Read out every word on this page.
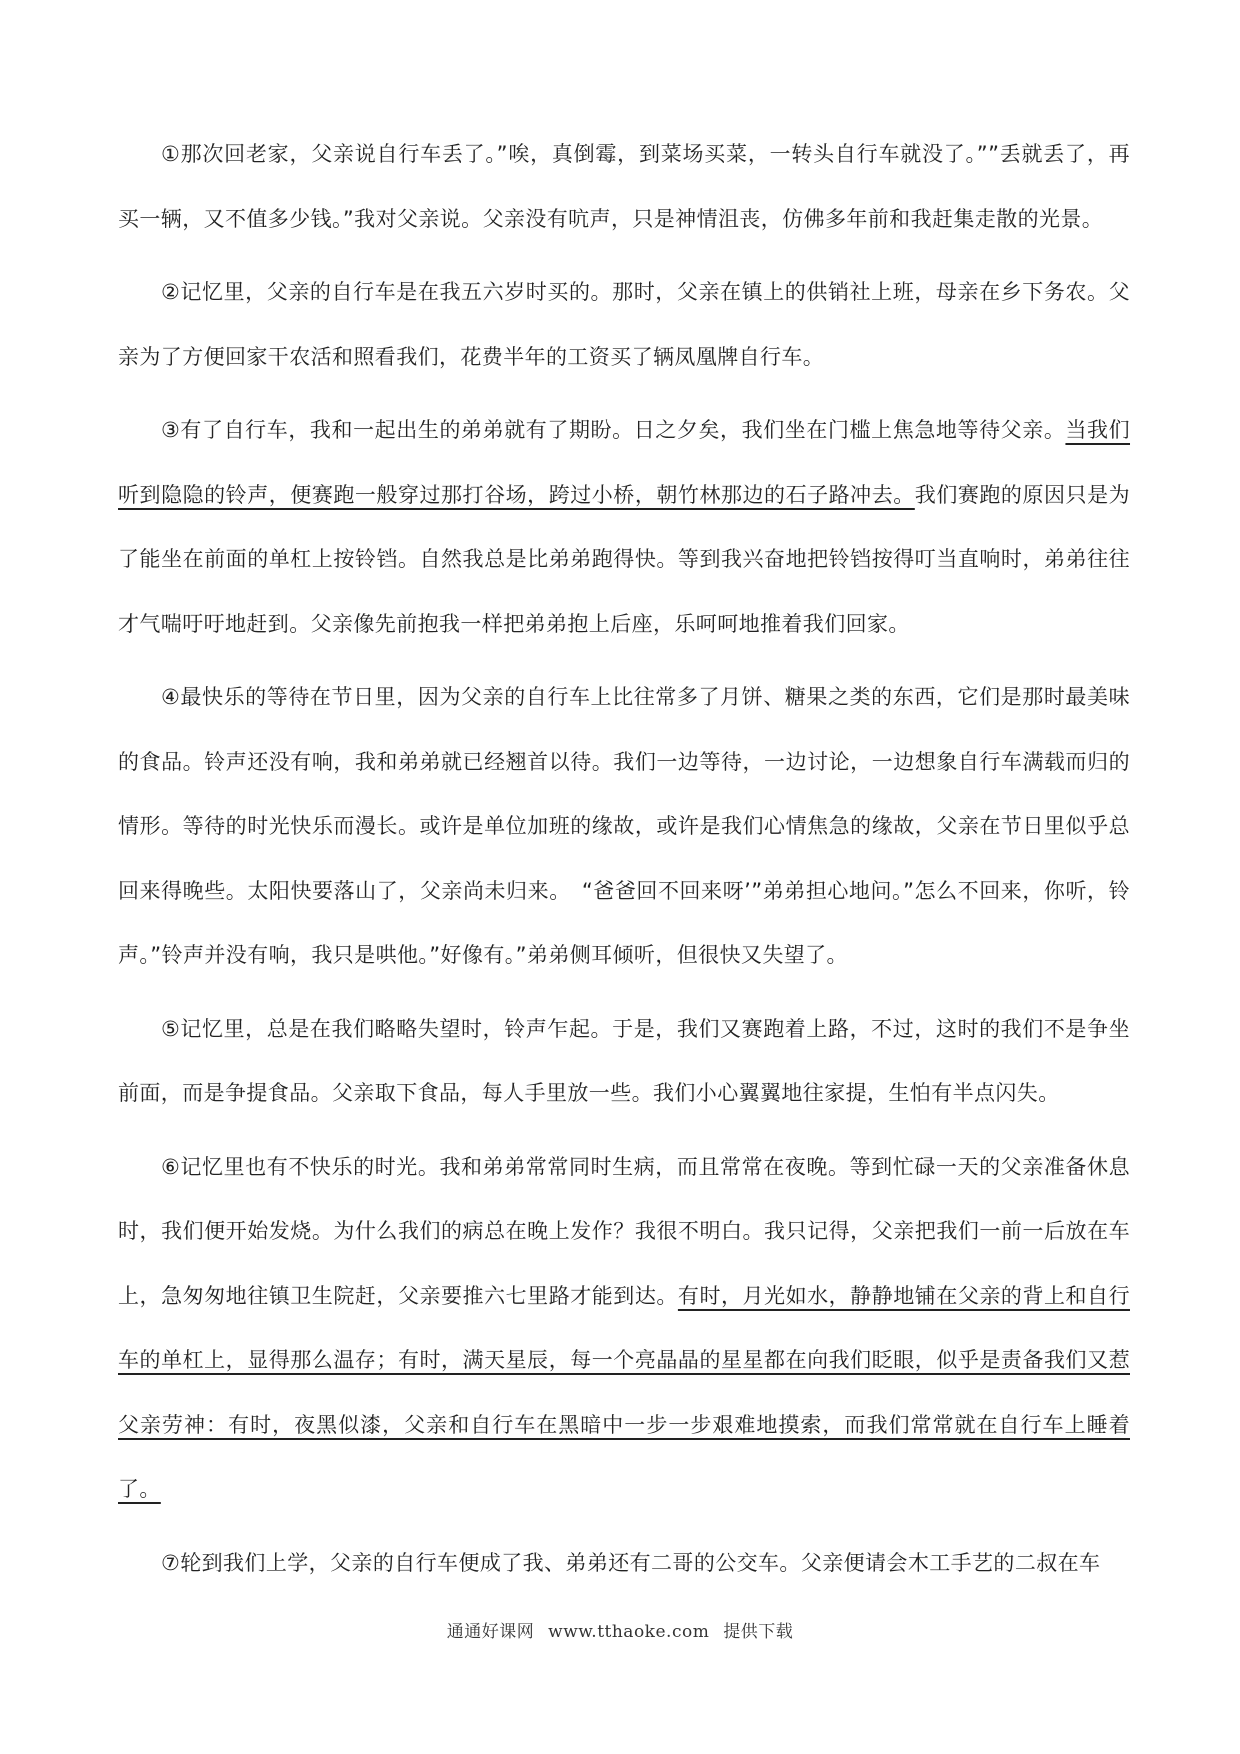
①那次回老家，父亲说自行车丢了。”唉，真倒霉，到菜场买菜，一转头自行车就没了。””丢就丢了，再买一辆，又不值多少钱。”我对父亲说。父亲没有吭声，只是神情沮丧，仿佛多年前和我赶集走散的光景。

②记忆里，父亲的自行车是在我五六岁时买的。那时，父亲在镇上的供销社上班，母亲在乡下务农。父亲为了方便回家干农活和照看我们，花费半年的工资买了辆凤凰牌自行车。

③有了自行车，我和一起出生的弟弟就有了期盼。日之夕矣，我们坐在门槛上焦急地等待父亲。当我们听到隐隐的铃声，便赛跑一般穿过那打谷场，跨过小桥，朝竹林那边的石子路冲去。我们赛跑的原因只是为了能坐在前面的单杠上按铃铛。自然我总是比弟弟跑得快。等到我兴奋地把铃铛按得叮当直响时，弟弟往往才气喘吁吁地赶到。父亲像先前抱我一样把弟弟抱上后座，乐呵呵地推着我们回家。

④最快乐的等待在节日里，因为父亲的自行车上比往常多了月饼、糖果之类的东西，它们是那时最美味的食品。铃声还没有响，我和弟弟就已经翘首以待。我们一边等待，一边讨论，一边想象自行车满载而归的情形。等待的时光快乐而漫长。或许是单位加班的缘故，或许是我们心情焦急的缘故，父亲在节日里似乎总回来得晚些。太阳快要落山了，父亲尚未归来。　“爸爸回不回来呀’”弟弟担心地问。”怎么不回来，你听，铃声。”铃声并没有响，我只是哄他。”好像有。”弟弟侧耳倾听，但很快又失望了。

⑤记忆里，总是在我们略略失望时，铃声乍起。于是，我们又赛跑着上路，不过，这时的我们不是争坐前面，而是争提食品。父亲取下食品，每人手里放一些。我们小心翼翼地往家提，生怕有半点闪失。

⑥记忆里也有不快乐的时光。我和弟弟常常同时生病，而且常常在夜晚。等到忙碌一天的父亲准备休息时，我们便开始发烧。为什么我们的病总在晚上发作？我很不明白。我只记得，父亲把我们一前一后放在车上，急匆匆地往镇卫生院赶，父亲要推六七里路才能到达。有时，月光如水，静静地铺在父亲的背上和自行车的单杠上，显得那么温存；有时，满天星辰，每一个亮晶晶的星星都在向我们眨眼，似乎是责备我们又惹父亲劳神：有时，夜黑似漆，父亲和自行车在黑暗中一步一步艰难地摸索，而我们常常就在自行车上睡着了。

⑦轮到我们上学，父亲的自行车便成了我、弟弟还有二哥的公交车。父亲便请会木工手艺的二叔在车

通通好课网 www.tthaoke.com 提供下载
